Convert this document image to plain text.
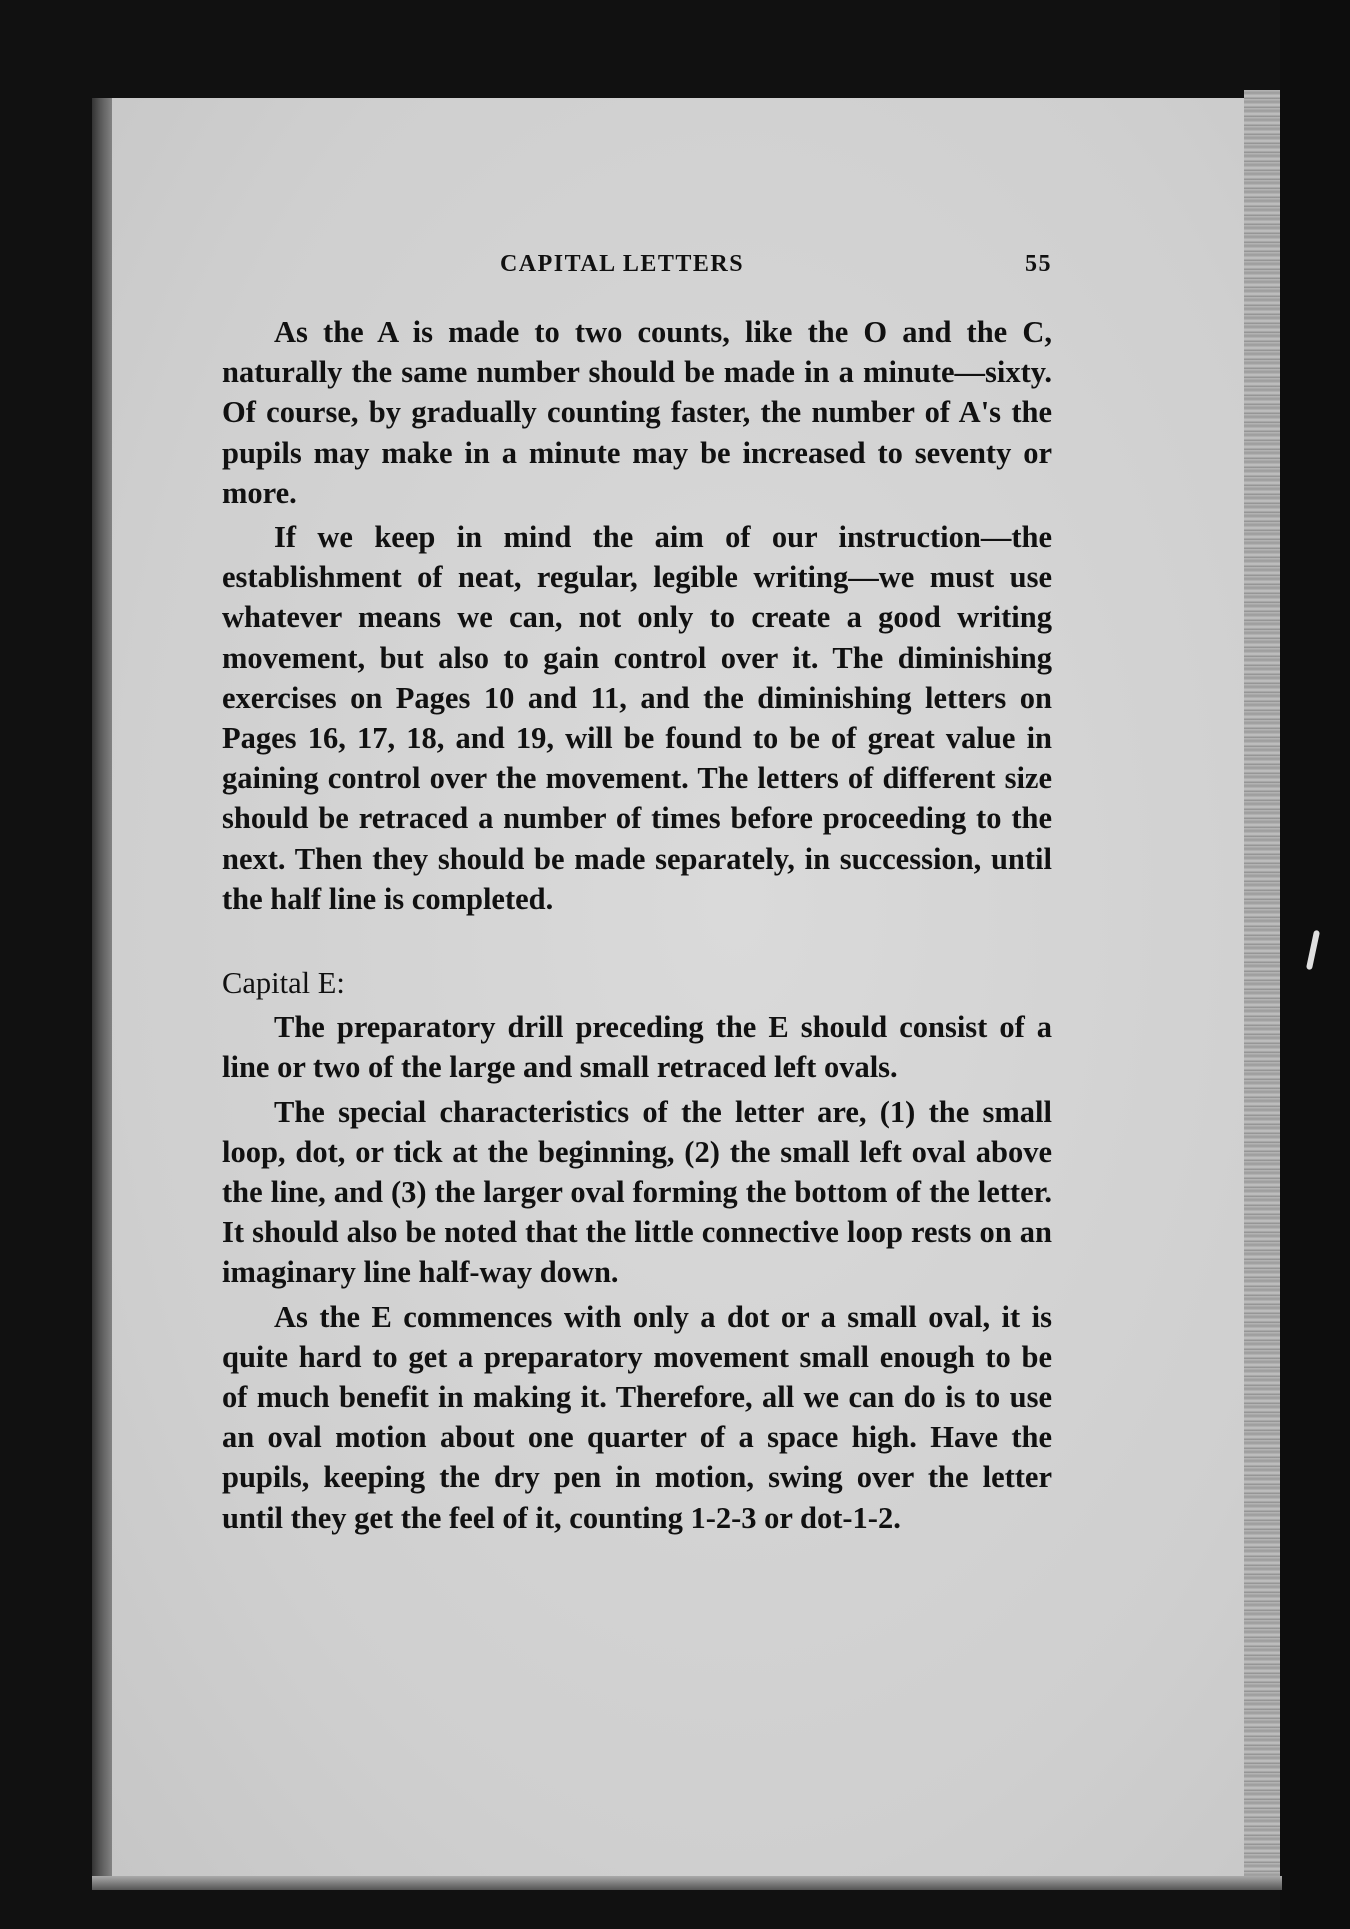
CAPITAL LETTERS	55

As the A is made to two counts, like the O and the C, naturally the same number should be made in a minute—sixty. Of course, by gradually counting faster, the number of A's the pupils may make in a minute may be increased to seventy or more.

If we keep in mind the aim of our instruction—the establishment of neat, regular, legible writing—we must use whatever means we can, not only to create a good writing movement, but also to gain control over it. The diminishing exercises on Pages 10 and 11, and the diminishing letters on Pages 16, 17, 18, and 19, will be found to be of great value in gaining control over the movement. The letters of different size should be retraced a number of times before proceeding to the next. Then they should be made separately, in succession, until the half line is completed.

Capital E:

The preparatory drill preceding the E should consist of a line or two of the large and small retraced left ovals.

The special characteristics of the letter are, (1) the small loop, dot, or tick at the beginning, (2) the small left oval above the line, and (3) the larger oval forming the bottom of the letter. It should also be noted that the little connective loop rests on an imaginary line half-way down.

As the E commences with only a dot or a small oval, it is quite hard to get a preparatory movement small enough to be of much benefit in making it. Therefore, all we can do is to use an oval motion about one quarter of a space high. Have the pupils, keeping the dry pen in motion, swing over the letter until they get the feel of it, counting 1-2-3 or dot-1-2.
